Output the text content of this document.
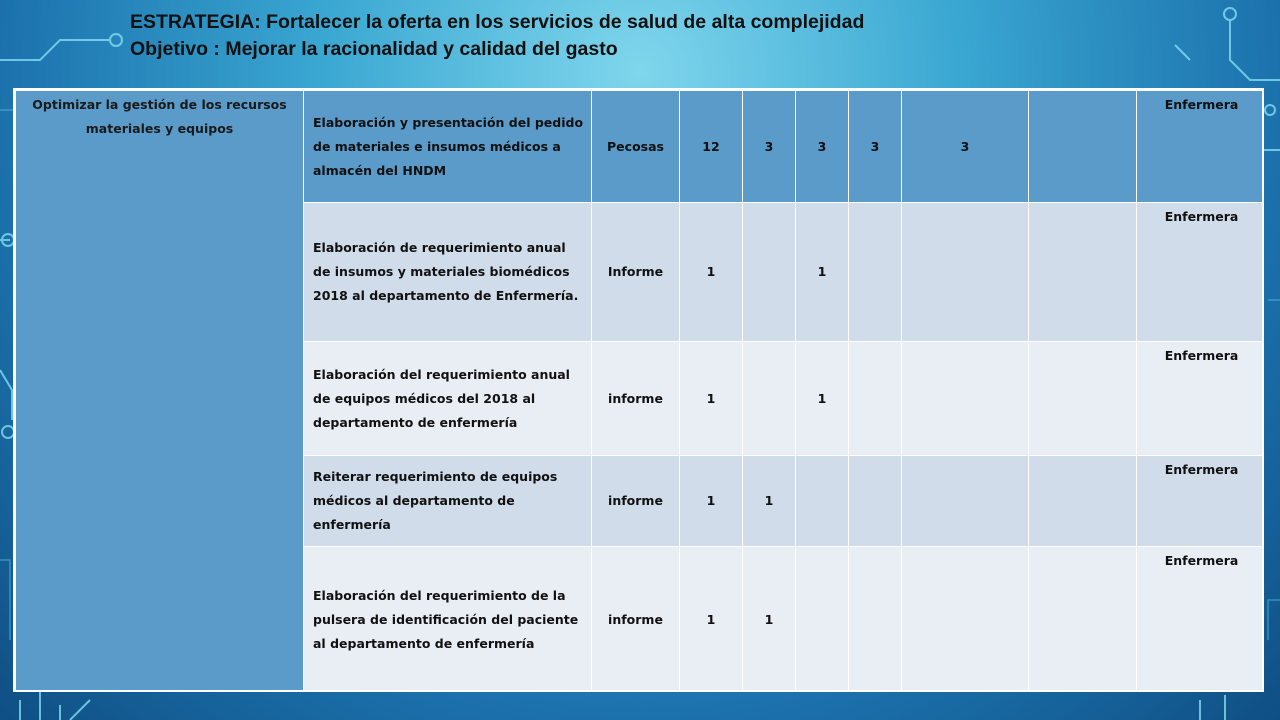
ESTRATEGIA: Fortalecer la oferta en los servicios de salud de alta complejidad
Objetivo : Mejorar la racionalidad y calidad del gasto
Optimizar la gestión de los recursos materiales y equipos	Elaboración y presentación del pedido de materiales e insumos médicos a almacén del HNDM	Pecosas	12	3	3	3	3		Enfermera
	Elaboración de requerimiento anual de insumos y materiales biomédicos 2018 al departamento de Enfermería.	Informe	1		1				Enfermera
	Elaboración del requerimiento anual de equipos médicos del 2018 al departamento de enfermería	informe	1		1				Enfermera
	Reiterar requerimiento de equipos médicos al departamento de enfermería	informe	1	1					Enfermera
	Elaboración del requerimiento de la pulsera de identificación del paciente al departamento de enfermería	informe	1	1					Enfermera
